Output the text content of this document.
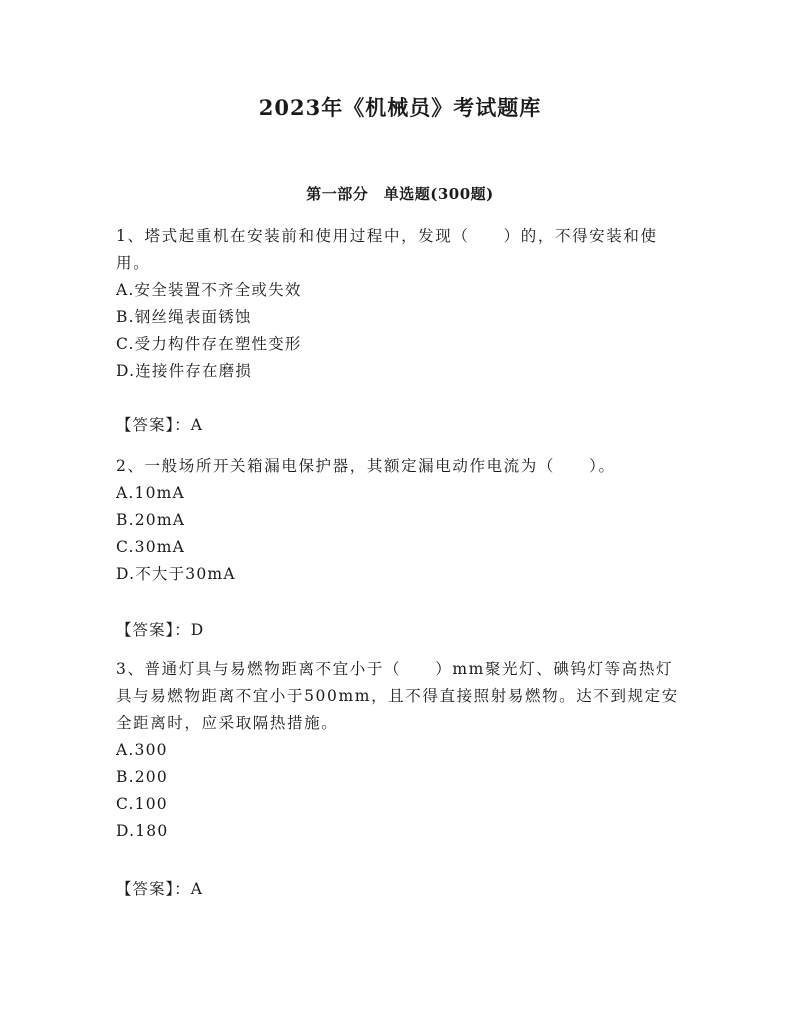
2023年《机械员》考试题库
第一部分　单选题(300题)

1、塔式起重机在安装前和使用过程中，发现（　　）的，不得安装和使用。

A.安全装置不齐全或失效

B.钢丝绳表面锈蚀

C.受力构件存在塑性变形

D.连接件存在磨损

【答案】：A

2、一般场所开关箱漏电保护器，其额定漏电动作电流为（　　）。

A.10mA

B.20mA

C.30mA

D.不大于30mA

【答案】：D

3、普通灯具与易燃物距离不宜小于（　　）mm聚光灯、碘钨灯等高热灯具与易燃物距离不宜小于500mm，且不得直接照射易燃物。达不到规定安全距离时，应采取隔热措施。

A.300

B.200

C.100

D.180

【答案】：A
